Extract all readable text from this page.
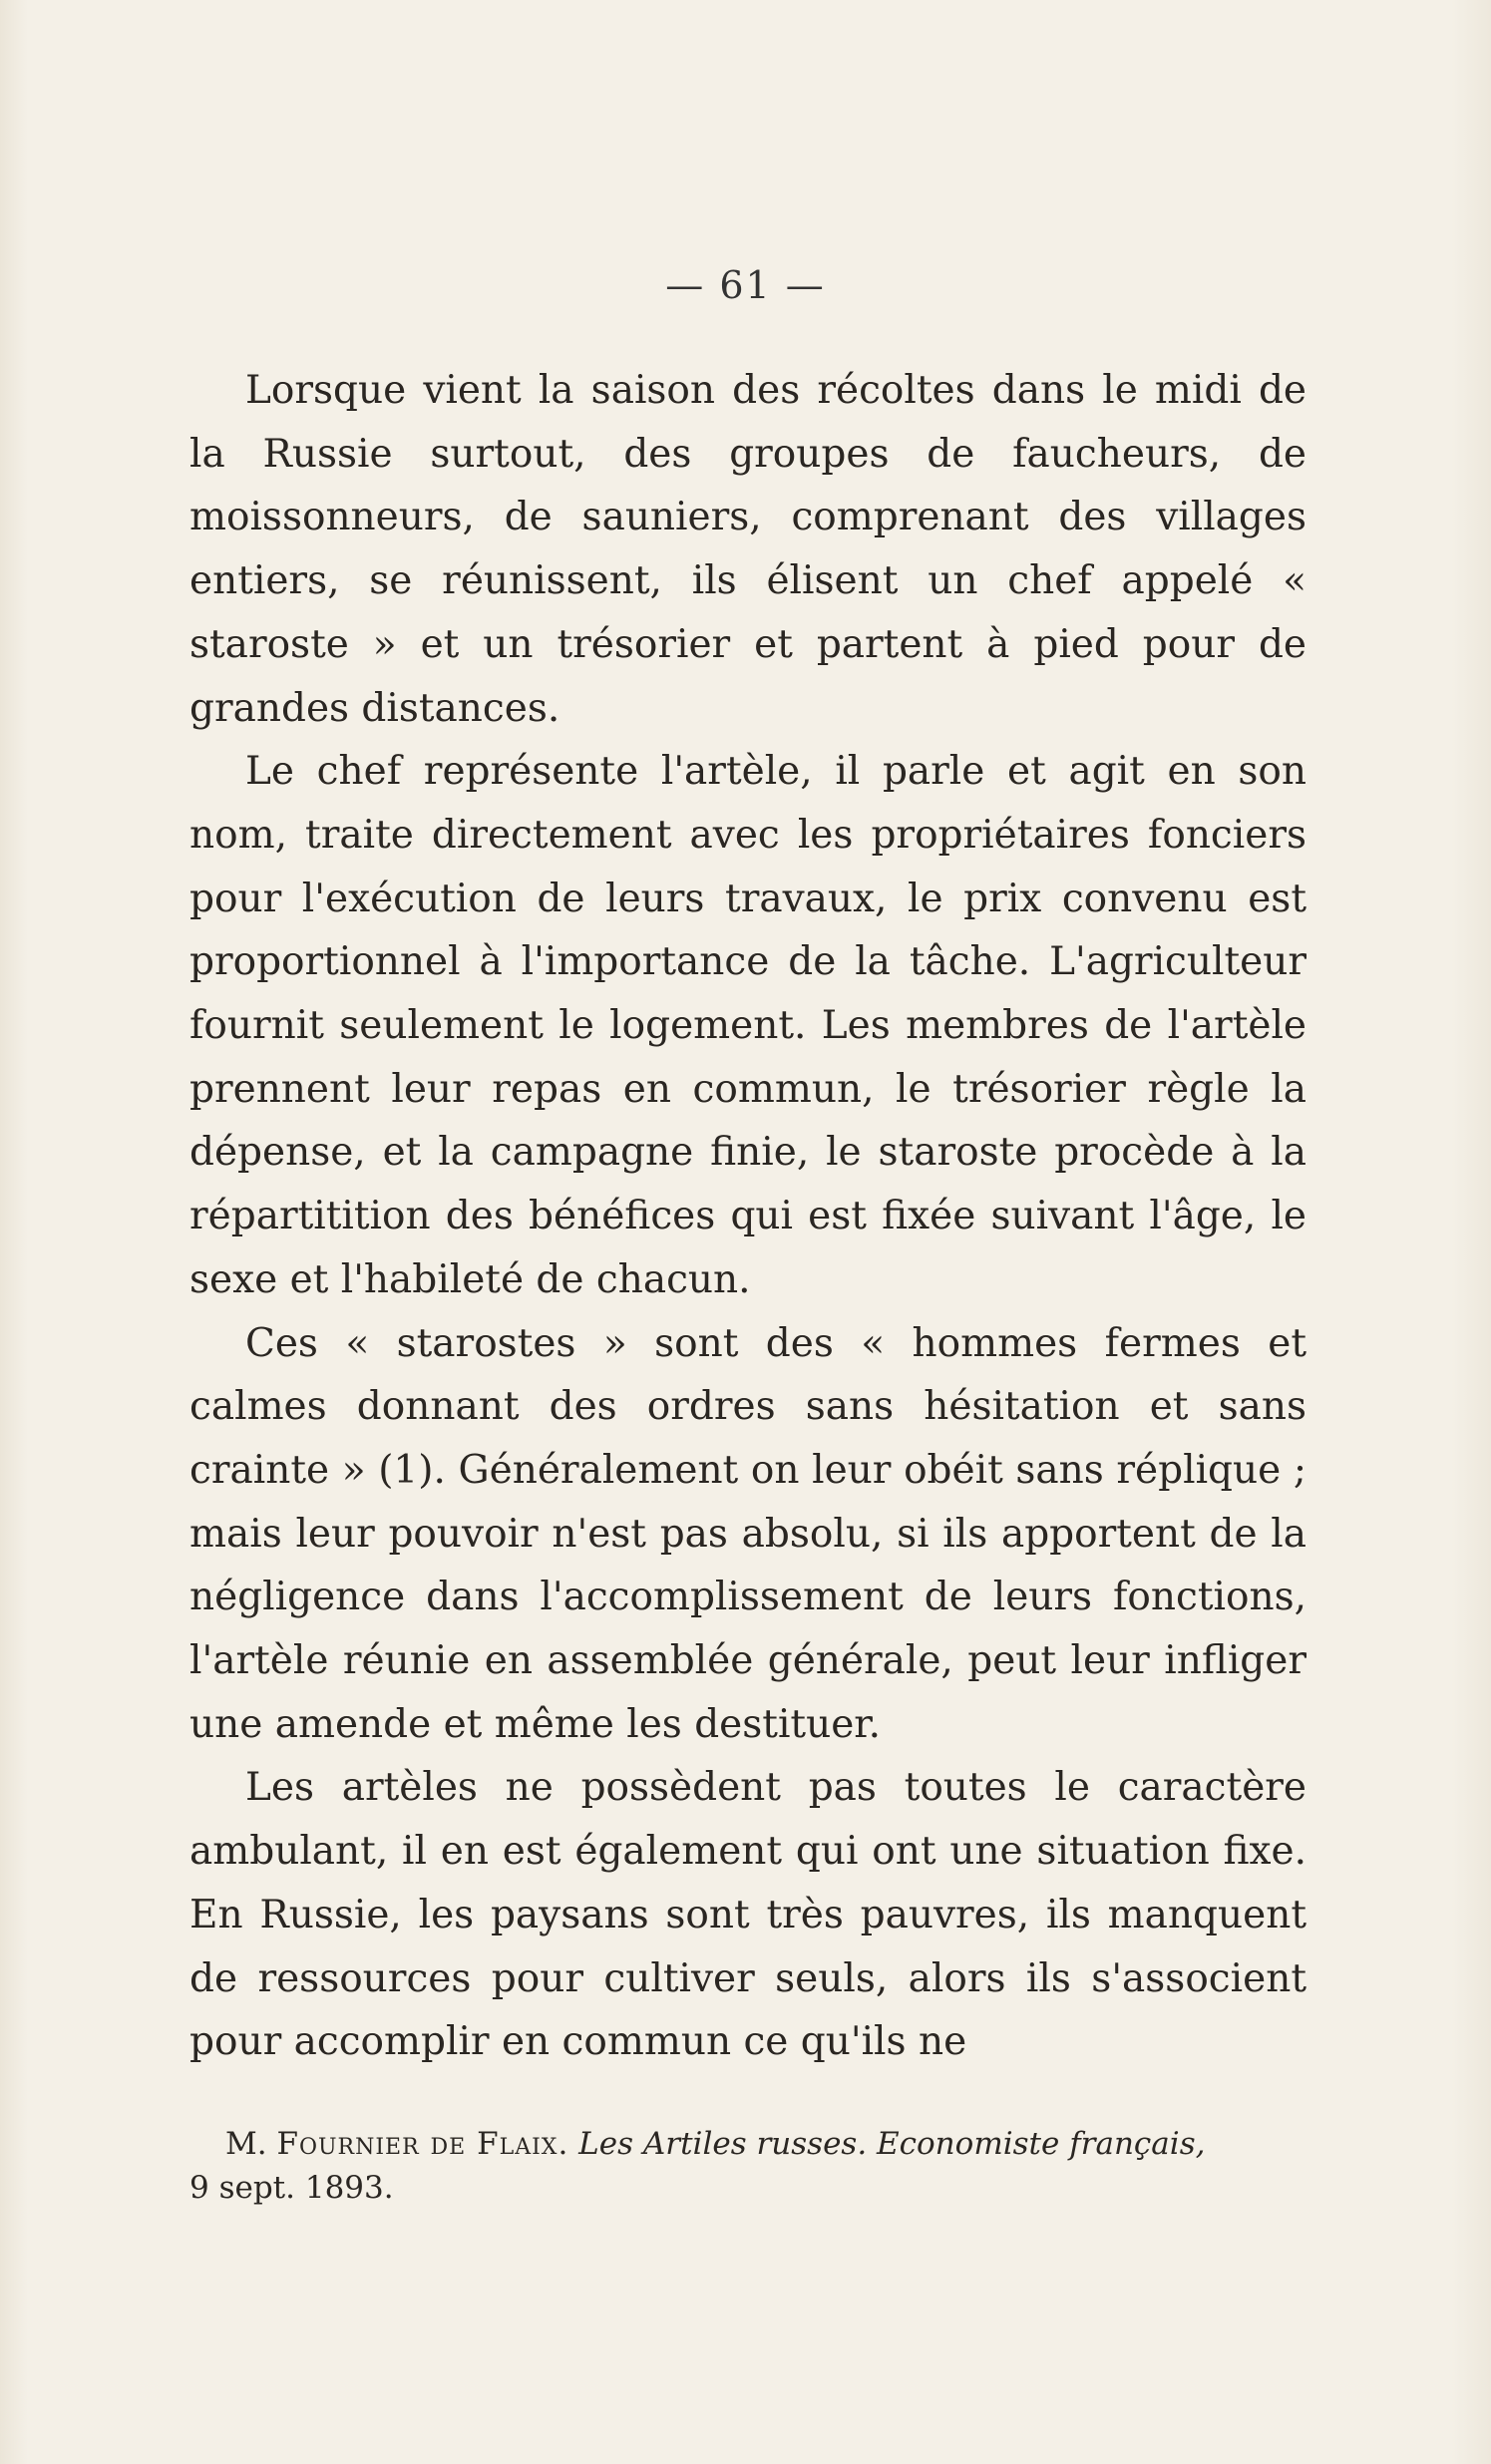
— 61 —

Lorsque vient la saison des récoltes dans le midi de la Russie surtout, des groupes de faucheurs, de moissonneurs, de sauniers, comprenant des villages entiers, se réunissent, ils élisent un chef appelé « staroste » et un trésorier et partent à pied pour de grandes distances.

Le chef représente l'artèle, il parle et agit en son nom, traite directement avec les propriétaires fonciers pour l'exécution de leurs travaux, le prix convenu est proportionnel à l'importance de la tâche. L'agriculteur fournit seulement le logement. Les membres de l'artèle prennent leur repas en commun, le trésorier règle la dépense, et la campagne finie, le staroste procède à la répartitition des bénéfices qui est fixée suivant l'âge, le sexe et l'habileté de chacun.

Ces « starostes » sont des « hommes fermes et calmes donnant des ordres sans hésitation et sans crainte » (1). Généralement on leur obéit sans réplique ; mais leur pouvoir n'est pas absolu, si ils apportent de la négligence dans l'accomplissement de leurs fonctions, l'artèle réunie en assemblée générale, peut leur infliger une amende et même les destituer.

Les artèles ne possèdent pas toutes le caractère ambulant, il en est également qui ont une situation fixe. En Russie, les paysans sont très pauvres, ils manquent de ressources pour cultiver seuls, alors ils s'associent pour accomplir en commun ce qu'ils ne

M. Fournier de Flaix. Les Artiles russes. Economiste français,
9 sept. 1893.
